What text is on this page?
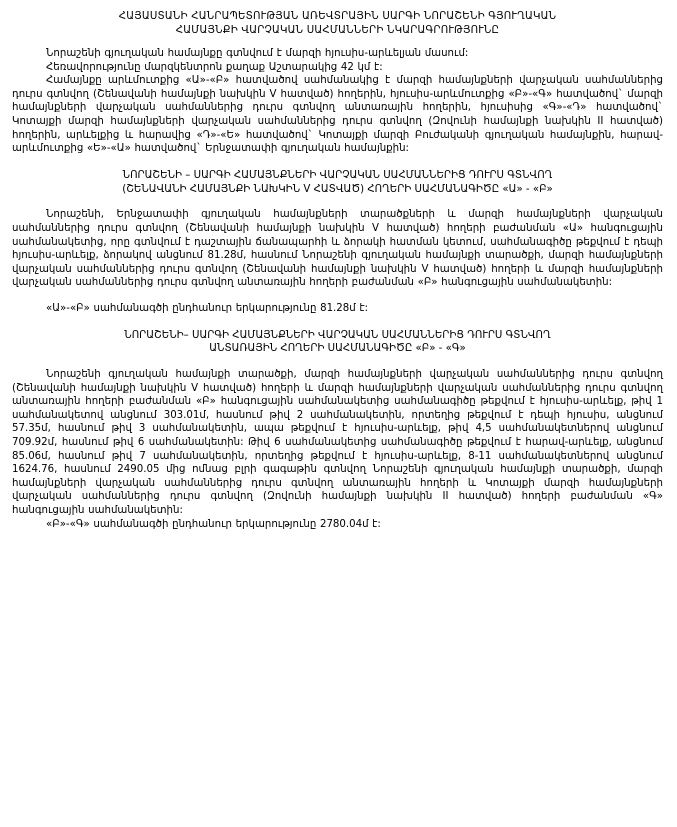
ՀԱՅԱՍՏԱՆԻ ՀԱՆՐԱՊԵՏՈՒԹՅԱՆ ԱՌԵՎՏՐԱՅԻՆ ՍԱՐԳԻ ՆՈՐԱՇԵՆԻ ԳՅՈՒՂԱԿԱՆ
ՀԱՄԱՅՆՔԻ ՎԱՐՉԱԿԱՆ ՍԱՀՄԱՆՆԵՐԻ ՆԿԱՐԱԳՐՈՒԹՅՈՒՆԸ

Նորաշենի գյուղական համայնքը գտնվում է մարզի հյուսիս-արևելյան մասում:

Հեռավորությունը մարզկենտրոն քաղաք Աշտարակից 42 կմ է:

Համայնքը արևմուտքից «Ա»-«Բ» հատվածով սահմանակից է մարզի համայնքների վարչական սահմաններից դուրս գտնվող (Շենավանի համայնքի նախկին V հատված) հողերին, հյուսիս-արևմուտքից «Բ»-«Գ» հատվածով` մարզի համայնքների վարչական սահմաններից դուրս գտնվող անտառային հողերին, հյուսիսից «Գ»-«Դ» հատվածով` Կոտայքի մարզի համայնքների վարչական սահմաններից դուրս գտնվող (Զովունի համայնքի նախկին II հատված) հողերին, արևելքից և հարավից «Դ»-«Ե» հատվածով` Կոտայքի մարզի Բուժականի գյուղական համայնքին, հարավ-արևմուտքից «Ե»-«Ա» հատվածով` Երնջատափի գյուղական համայնքին:

ՆՈՐԱՇԵՆԻ – ՍԱՐԳԻ ՀԱՄԱՅՆՔՆԵՐԻ ՎԱՐՉԱԿԱՆ ՍԱՀՄԱՆՆԵՐԻՑ ԴՈՒՐՍ ԳՏՆՎՈՂ
(ՇԵՆԱՎԱՆԻ ՀԱՄԱՅՆՔԻ ՆԱԽԿԻՆ V ՀԱՏՎԱԾ) ՀՈՂԵՐԻ ՍԱՀՄԱՆԱԳԻԾԸ «Ա» - «Բ»

Նորաշենի, Երնջատափի գյուղական համայնքների տարածքների և մարզի համայնքների վարչական սահմաններից դուրս գտնվող (Շենավանի համայնքի նախկին V հատված) հողերի բաժանման «Ա» հանգուցային սահմանակետից, որը գտնվում է դաշտային ճանապարհի և ձորակի հատման կետում, սահմանագիծը թեքվում է դեպի հյուսիս-արևելք, ձորակով անցնում 81.28մ, հասնում Նորաշենի գյուղական համայնքի տարածքի, մարզի համայնքների վարչական սահմաններից դուրս գտնվող (Շենավանի համայնքի նախկին V հատված) հողերի և մարզի համայնքների վարչական սահմաններից դուրս գտնվող անտառային հողերի բաժանման «Բ» հանգուցային սահմանակետին:

«Ա»-«Բ» սահմանագծի ընդհանուր երկարությունը 81.28մ է:

ՆՈՐԱՇԵՆԻ– ՍԱՐԳԻ ՀԱՄԱՅՆՔՆԵՐԻ ՎԱՐՉԱԿԱՆ ՍԱՀՄԱՆՆԵՐԻՑ ԴՈՒՐՍ ԳՏՆՎՈՂ
ԱՆՏԱՌԱՅԻՆ ՀՈՂԵՐԻ ՍԱՀՄԱՆԱԳԻԾԸ «Բ» - «Գ»

Նորաշենի գյուղական համայնքի տարածքի, մարզի համայնքների վարչական սահմաններից դուրս գտնվող (Շենավանի համայնքի նախկին V հատված) հողերի և մարզի համայնքների վարչական սահմաններից դուրս գտնվող անտառային հողերի բաժանման «Բ» հանգուցային սահմանակետից սահմանագիծը թեքվում է հյուսիս-արևելք, թիվ 1 սահմանակետով անցնում 303.01մ, հասնում թիվ 2 սահմանակետին, որտեղից թեքվում է դեպի հյուսիս, անցնում 57.35մ, հասնում թիվ 3 սահմանակետին, ապա թեքվում է հյուսիս-արևելք, թիվ 4,5 սահմանակետներով անցնում 709.92մ, հասնում թիվ 6 սահմանակետին: Թիվ 6 սահմանակետից սահմանագիծը թեքվում է հարավ-արևելք, անցնում 85.06մ, հասնում թիվ 7 սահմանակետին, որտեղից թեքվում է հյուսիս-արևելք, 8-11 սահմանակետներով անցնում 1624.76, հասնում 2490.05 մից ոմնաց բլրի գագաթին գտնվող Նորաշենի գյուղական համայնքի տարածքի, մարզի համայնքների վարչական սահմաններից դուրս գտնվող անտառային հողերի և Կոտայքի մարզի համայնքների վարչական սահմաններից դուրս գտնվող (Զովունի համայնքի նախկին II հատված) հողերի բաժանման «Գ» հանգուցային սահմանակետին:

«Բ»-«Գ» սահմանագծի ընդհանուր երկարությունը 2780.04մ է:
